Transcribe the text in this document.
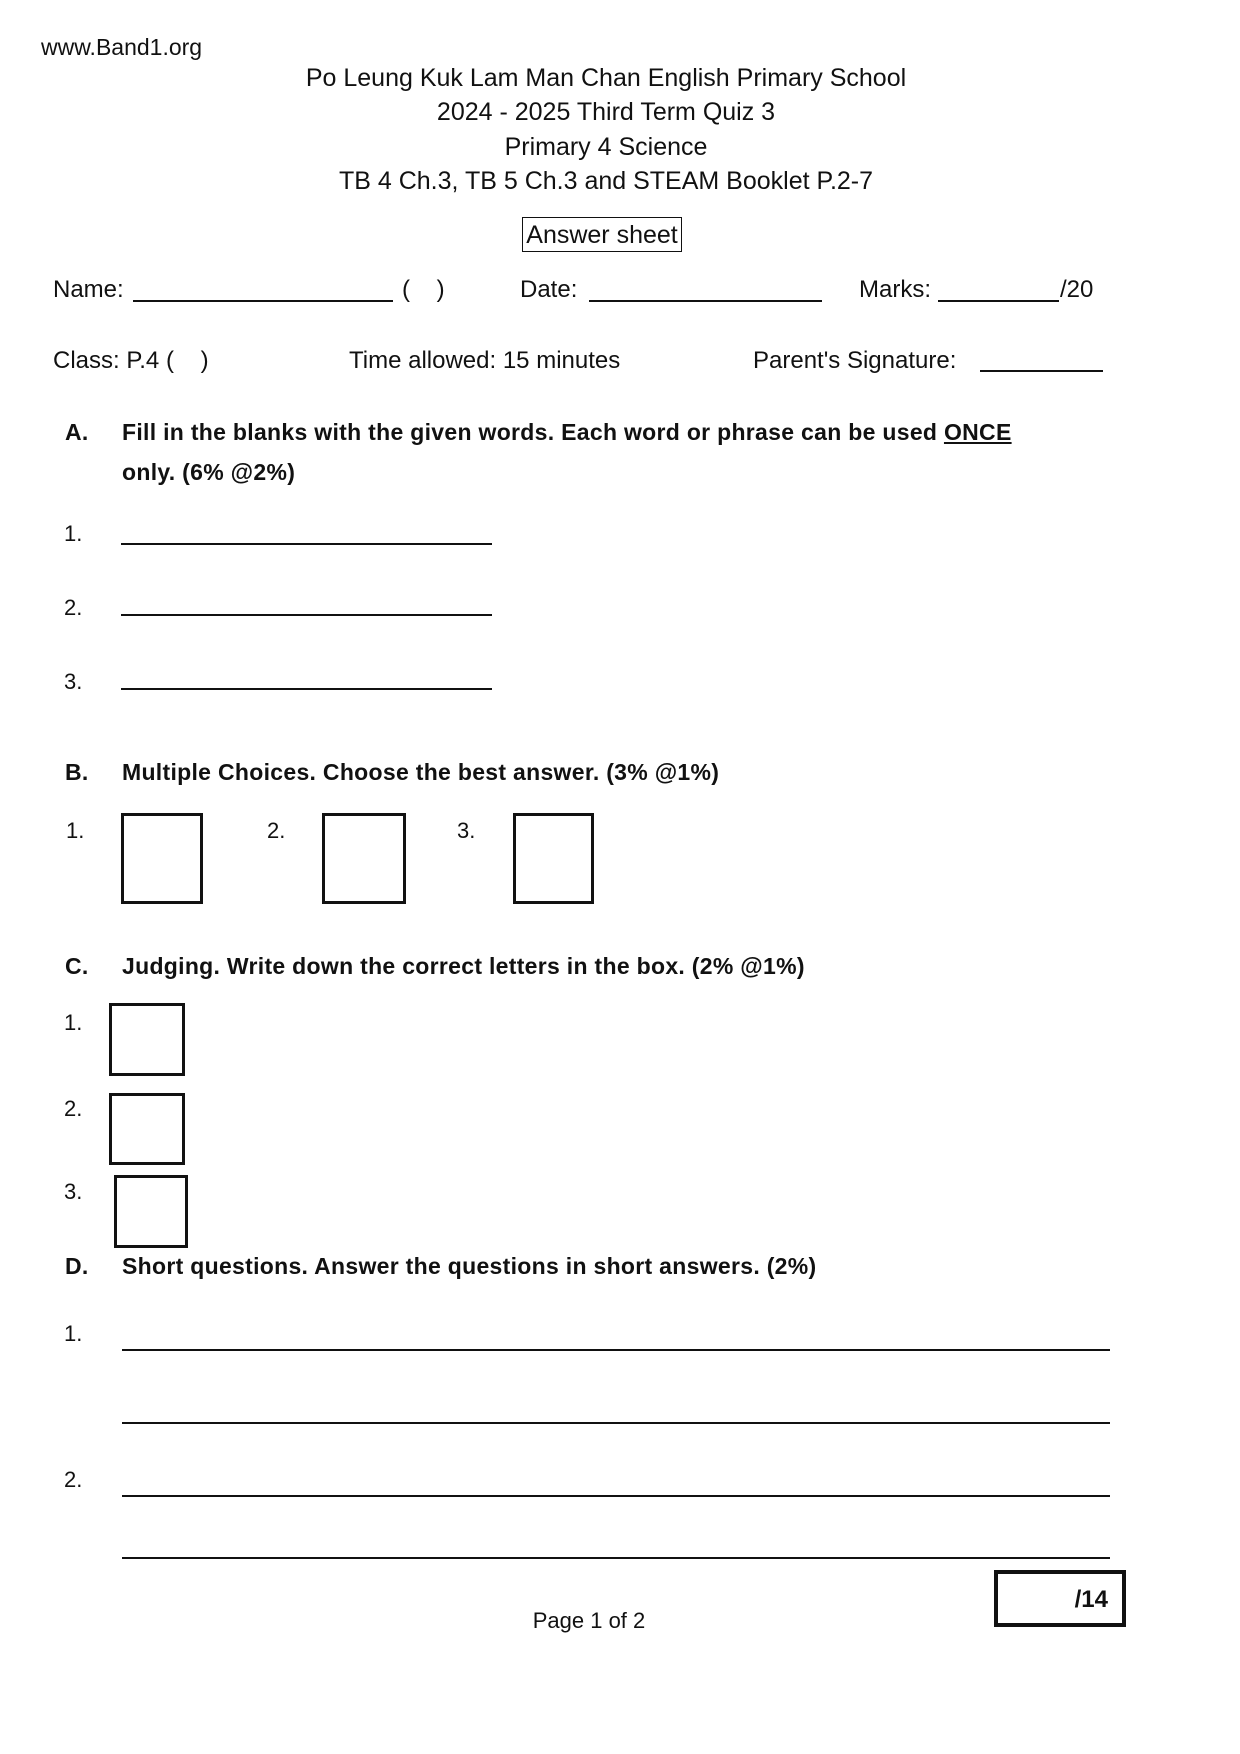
www.Band1.org
Po Leung Kuk Lam Man Chan English Primary School
2024 - 2025 Third Term Quiz 3
Primary 4 Science
TB 4 Ch.3, TB 5 Ch.3 and STEAM Booklet P.2-7
Answer sheet
Name:	(    )	Date:	Marks:	/20
Class: P.4 (    )	Time allowed: 15 minutes	Parent's Signature:
A. Fill in the blanks with the given words. Each word or phrase can be used ONCE
only. (6% @2%)
1.
2.
3.
B. Multiple Choices. Choose the best answer. (3% @1%)
1.	2.	3.
C. Judging. Write down the correct letters in the box. (2% @1%)
1.
2.
3.
D. Short questions. Answer the questions in short answers. (2%)
1.
2.
/14
Page 1 of 2
